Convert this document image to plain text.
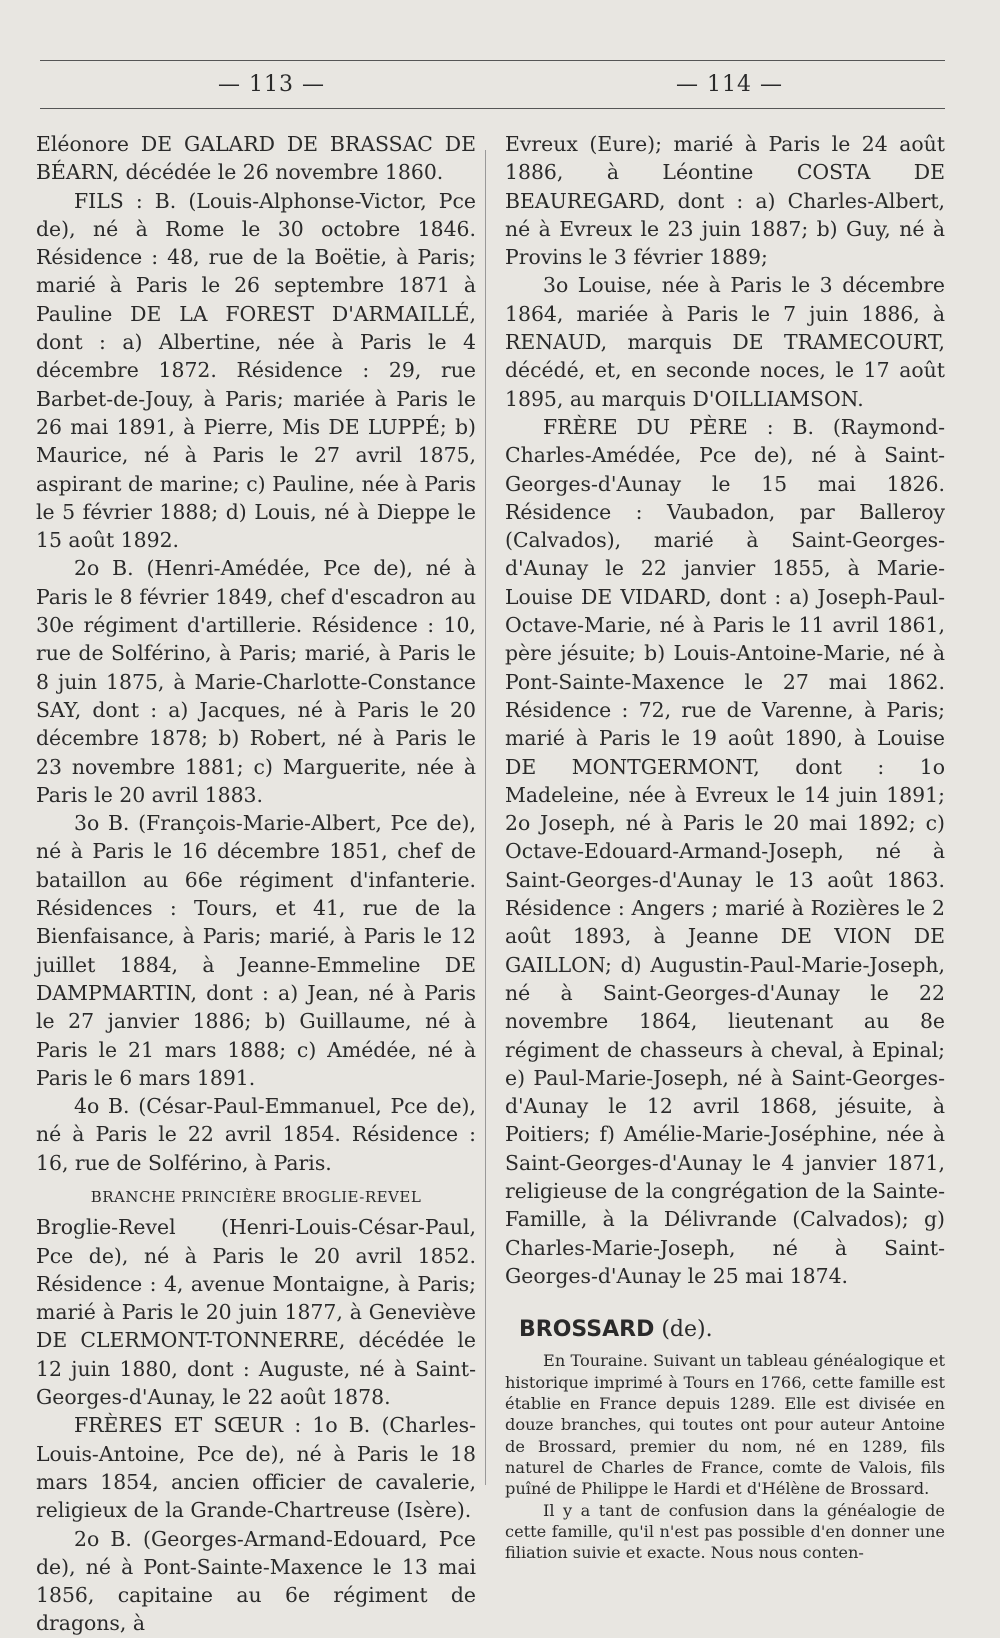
— 113 —	— 114 —

Eléonore DE GALARD DE BRASSAC DE BÉARN, décédée le 26 novembre 1860.

FILS : B. (Louis-Alphonse-Victor, Pce de), né à Rome le 30 octobre 1846. Résidence : 48, rue de la Boëtie, à Paris; marié à Paris le 26 septembre 1871 à Pauline DE LA FOREST D'ARMAILLÉ, dont : a) Albertine, née à Paris le 4 décembre 1872. Résidence : 29, rue Barbet-de-Jouy, à Paris; mariée à Paris le 26 mai 1891, à Pierre, Mis DE LUPPÉ; b) Maurice, né à Paris le 27 avril 1875, aspirant de marine; c) Pauline, née à Paris le 5 février 1888; d) Louis, né à Dieppe le 15 août 1892.

2o B. (Henri-Amédée, Pce de), né à Paris le 8 février 1849, chef d'escadron au 30e régiment d'artillerie. Résidence : 10, rue de Solférino, à Paris; marié, à Paris le 8 juin 1875, à Marie-Charlotte-Constance SAY, dont : a) Jacques, né à Paris le 20 décembre 1878; b) Robert, né à Paris le 23 novembre 1881; c) Marguerite, née à Paris le 20 avril 1883.

3o B. (François-Marie-Albert, Pce de), né à Paris le 16 décembre 1851, chef de bataillon au 66e régiment d'infanterie. Résidences : Tours, et 41, rue de la Bienfaisance, à Paris; marié, à Paris le 12 juillet 1884, à Jeanne-Emmeline DE DAMPMARTIN, dont : a) Jean, né à Paris le 27 janvier 1886; b) Guillaume, né à Paris le 21 mars 1888; c) Amédée, né à Paris le 6 mars 1891.

4o B. (César-Paul-Emmanuel, Pce de), né à Paris le 22 avril 1854. Résidence : 16, rue de Solférino, à Paris.

BRANCHE PRINCIÈRE BROGLIE-REVEL

Broglie-Revel (Henri-Louis-César-Paul, Pce de), né à Paris le 20 avril 1852. Résidence : 4, avenue Montaigne, à Paris; marié à Paris le 20 juin 1877, à Geneviève DE CLERMONT-TONNERRE, décédée le 12 juin 1880, dont : Auguste, né à Saint-Georges-d'Aunay, le 22 août 1878.

FRÈRES ET SŒUR : 1o B. (Charles-Louis-Antoine, Pce de), né à Paris le 18 mars 1854, ancien officier de cavalerie, religieux de la Grande-Chartreuse (Isère).

2o B. (Georges-Armand-Edouard, Pce de), né à Pont-Sainte-Maxence le 13 mai 1856, capitaine au 6e régiment de dragons, à

Evreux (Eure); marié à Paris le 24 août 1886, à Léontine COSTA DE BEAUREGARD, dont : a) Charles-Albert, né à Evreux le 23 juin 1887; b) Guy, né à Provins le 3 février 1889;

3o Louise, née à Paris le 3 décembre 1864, mariée à Paris le 7 juin 1886, à RENAUD, marquis DE TRAMECOURT, décédé, et, en seconde noces, le 17 août 1895, au marquis D'OILLIAMSON.

FRÈRE DU PÈRE : B. (Raymond-Charles-Amédée, Pce de), né à Saint-Georges-d'Aunay le 15 mai 1826. Résidence : Vaubadon, par Balleroy (Calvados), marié à Saint-Georges-d'Aunay le 22 janvier 1855, à Marie-Louise DE VIDARD, dont : a) Joseph-Paul-Octave-Marie, né à Paris le 11 avril 1861, père jésuite; b) Louis-Antoine-Marie, né à Pont-Sainte-Maxence le 27 mai 1862. Résidence : 72, rue de Varenne, à Paris; marié à Paris le 19 août 1890, à Louise DE MONTGERMONT, dont : 1o Madeleine, née à Evreux le 14 juin 1891; 2o Joseph, né à Paris le 20 mai 1892; c) Octave-Edouard-Armand-Joseph, né à Saint-Georges-d'Aunay le 13 août 1863. Résidence : Angers ; marié à Rozières le 2 août 1893, à Jeanne DE VION DE GAILLON; d) Augustin-Paul-Marie-Joseph, né à Saint-Georges-d'Aunay le 22 novembre 1864, lieutenant au 8e régiment de chasseurs à cheval, à Epinal; e) Paul-Marie-Joseph, né à Saint-Georges-d'Aunay le 12 avril 1868, jésuite, à Poitiers; f) Amélie-Marie-Joséphine, née à Saint-Georges-d'Aunay le 4 janvier 1871, religieuse de la congrégation de la Sainte-Famille, à la Délivrande (Calvados); g) Charles-Marie-Joseph, né à Saint-Georges-d'Aunay le 25 mai 1874.

BROSSARD (de).

En Touraine. Suivant un tableau généalogique et historique imprimé à Tours en 1766, cette famille est établie en France depuis 1289. Elle est divisée en douze branches, qui toutes ont pour auteur Antoine de Brossard, premier du nom, né en 1289, fils naturel de Charles de France, comte de Valois, fils puîné de Philippe le Hardi et d'Hélène de Brossard.

Il y a tant de confusion dans la généalogie de cette famille, qu'il n'est pas possible d'en donner une filiation suivie et exacte. Nous nous conten-
